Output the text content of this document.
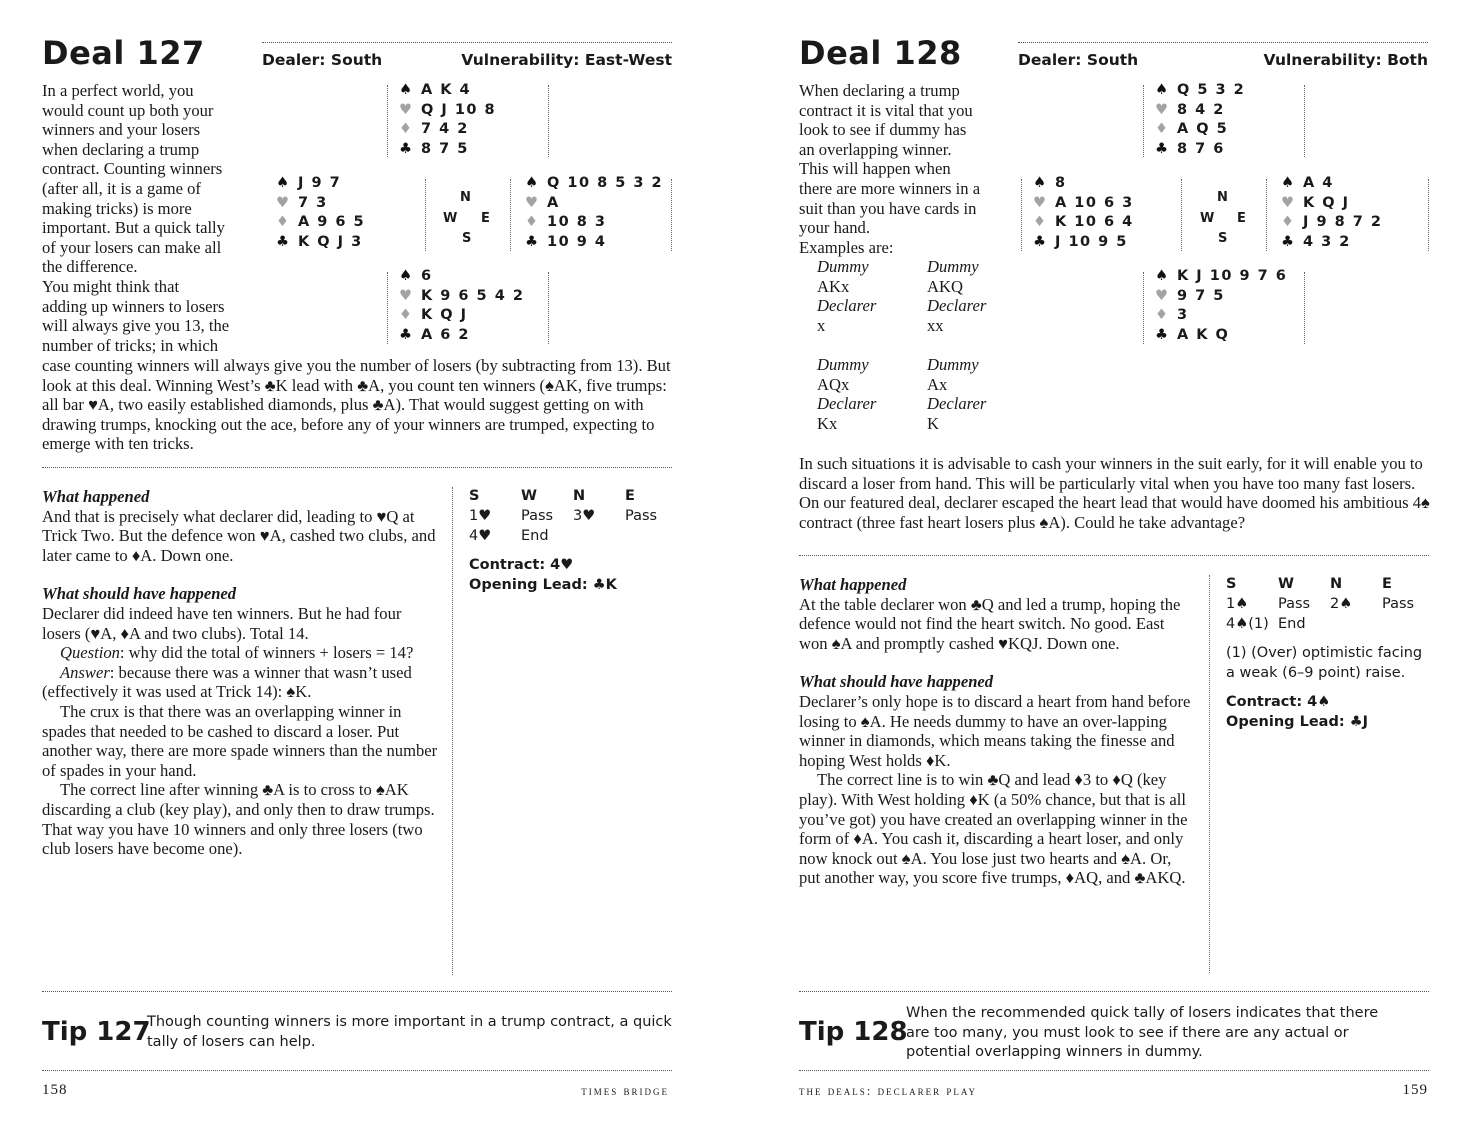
Deal 127	Dealer: South	Vulnerability: East-West
In a perfect world, you
would count up both your
winners and your losers
when declaring a trump
contract. Counting winners
(after all, it is a game of
making tricks) is more
important. But a quick tally
of your losers can make all
the difference.
You might think that
adding up winners to losers
will always give you 13, the
number of tricks; in which
♠ A K 4
♥ Q J 10 8
♦ 7 4 2
♣ 8 7 5
♠ J 9 7
♥ 7 3
♦ A 9 6 5
♣ K Q J 3
N
W E
S
♠ Q 10 8 5 3 2
♥ A
♦ 10 8 3
♣ 10 9 4
♠ 6
♥ K 9 6 5 4 2
♦ K Q J
♣ A 6 2
case counting winners will always give you the number of losers (by subtracting from 13). But look at this deal. Winning West’s ♣K lead with ♣A, you count ten winners (♠AK, five trumps: all bar ♥A, two easily established diamonds, plus ♣A). That would suggest getting on with drawing trumps, knocking out the ace, before any of your winners are trumped, expecting to emerge with ten tricks.
What happened
And that is precisely what declarer did, leading to ♥Q at Trick Two. But the defence won ♥A, cashed two clubs, and later came to ♦A. Down one.
What should have happened
Declarer did indeed have ten winners. But he had four losers (♥A, ♦A and two clubs). Total 14.
Question: why did the total of winners + losers = 14?
Answer: because there was a winner that wasn’t used (effectively it was used at Trick 14): ♠K.
The crux is that there was an overlapping winner in spades that needed to be cashed to discard a loser. Put another way, there are more spade winners than the number of spades in your hand.
The correct line after winning ♣A is to cross to ♠AK discarding a club (key play), and only then to draw trumps. That way you have 10 winners and only three losers (two club losers have become one).
S	W N	E
1♥ Pass 3♥ Pass
4♥ End
Contract: 4♥
Opening Lead: ♣K
Tip 127
Though counting winners is more important in a trump contract, a quick tally of losers can help.
158	times bridge
Deal 128	Dealer: South	Vulnerability: Both
When declaring a trump
contract it is vital that you
look to see if dummy has
an overlapping winner.
This will happen when
there are more winners in a
suit than you have cards in
your hand.
Examples are:
Dummy
AKx
Declarer
x
Dummy
AKQ
Declarer
xx
Dummy
AQx
Declarer
Kx
Dummy
Ax
Declarer
K
♠ Q 5 3 2
♥ 8 4 2
♦ A Q 5
♣ 8 7 6
♠ 8
♥ A 10 6 3
♦ K 10 6 4
♣ J 10 9 5
N
W E
S
♠ A 4
♥ K Q J
♦ J 9 8 7 2
♣ 4 3 2
♠ K J 10 9 7 6
♥ 9 7 5
♦ 3
♣ A K Q
In such situations it is advisable to cash your winners in the suit early, for it will enable you to discard a loser from hand. This will be particularly vital when you have too many fast losers. On our featured deal, declarer escaped the heart lead that would have doomed his ambitious 4♠ contract (three fast heart losers plus ♠A). Could he take advantage?
What happened
At the table declarer won ♣Q and led a trump, hoping the defence would not find the heart switch. No good. East won ♠A and promptly cashed ♥KQJ. Down one.
What should have happened
Declarer’s only hope is to discard a heart from hand before losing to ♠A. He needs dummy to have an over-lapping winner in diamonds, which means taking the finesse and hoping West holds ♦K.
The correct line is to win ♣Q and lead ♦3 to ♦Q (key play). With West holding ♦K (a 50% chance, but that is all you’ve got) you have created an overlapping winner in the form of ♦A. You cash it, discarding a heart loser, and only now knock out ♠A. You lose just two hearts and ♠A. Or, put another way, you score five trumps, ♦AQ, and ♣AKQ.
S	W N	E
1♠ Pass 2♠ Pass
4♠(1) End
(1) (Over) optimistic facing a weak (6–9 point) raise.
Contract: 4♠
Opening Lead: ♣J
Tip 128
When the recommended quick tally of losers indicates that there are too many, you must look to see if there are any actual or potential overlapping winners in dummy.
the deals: declarer play	159
